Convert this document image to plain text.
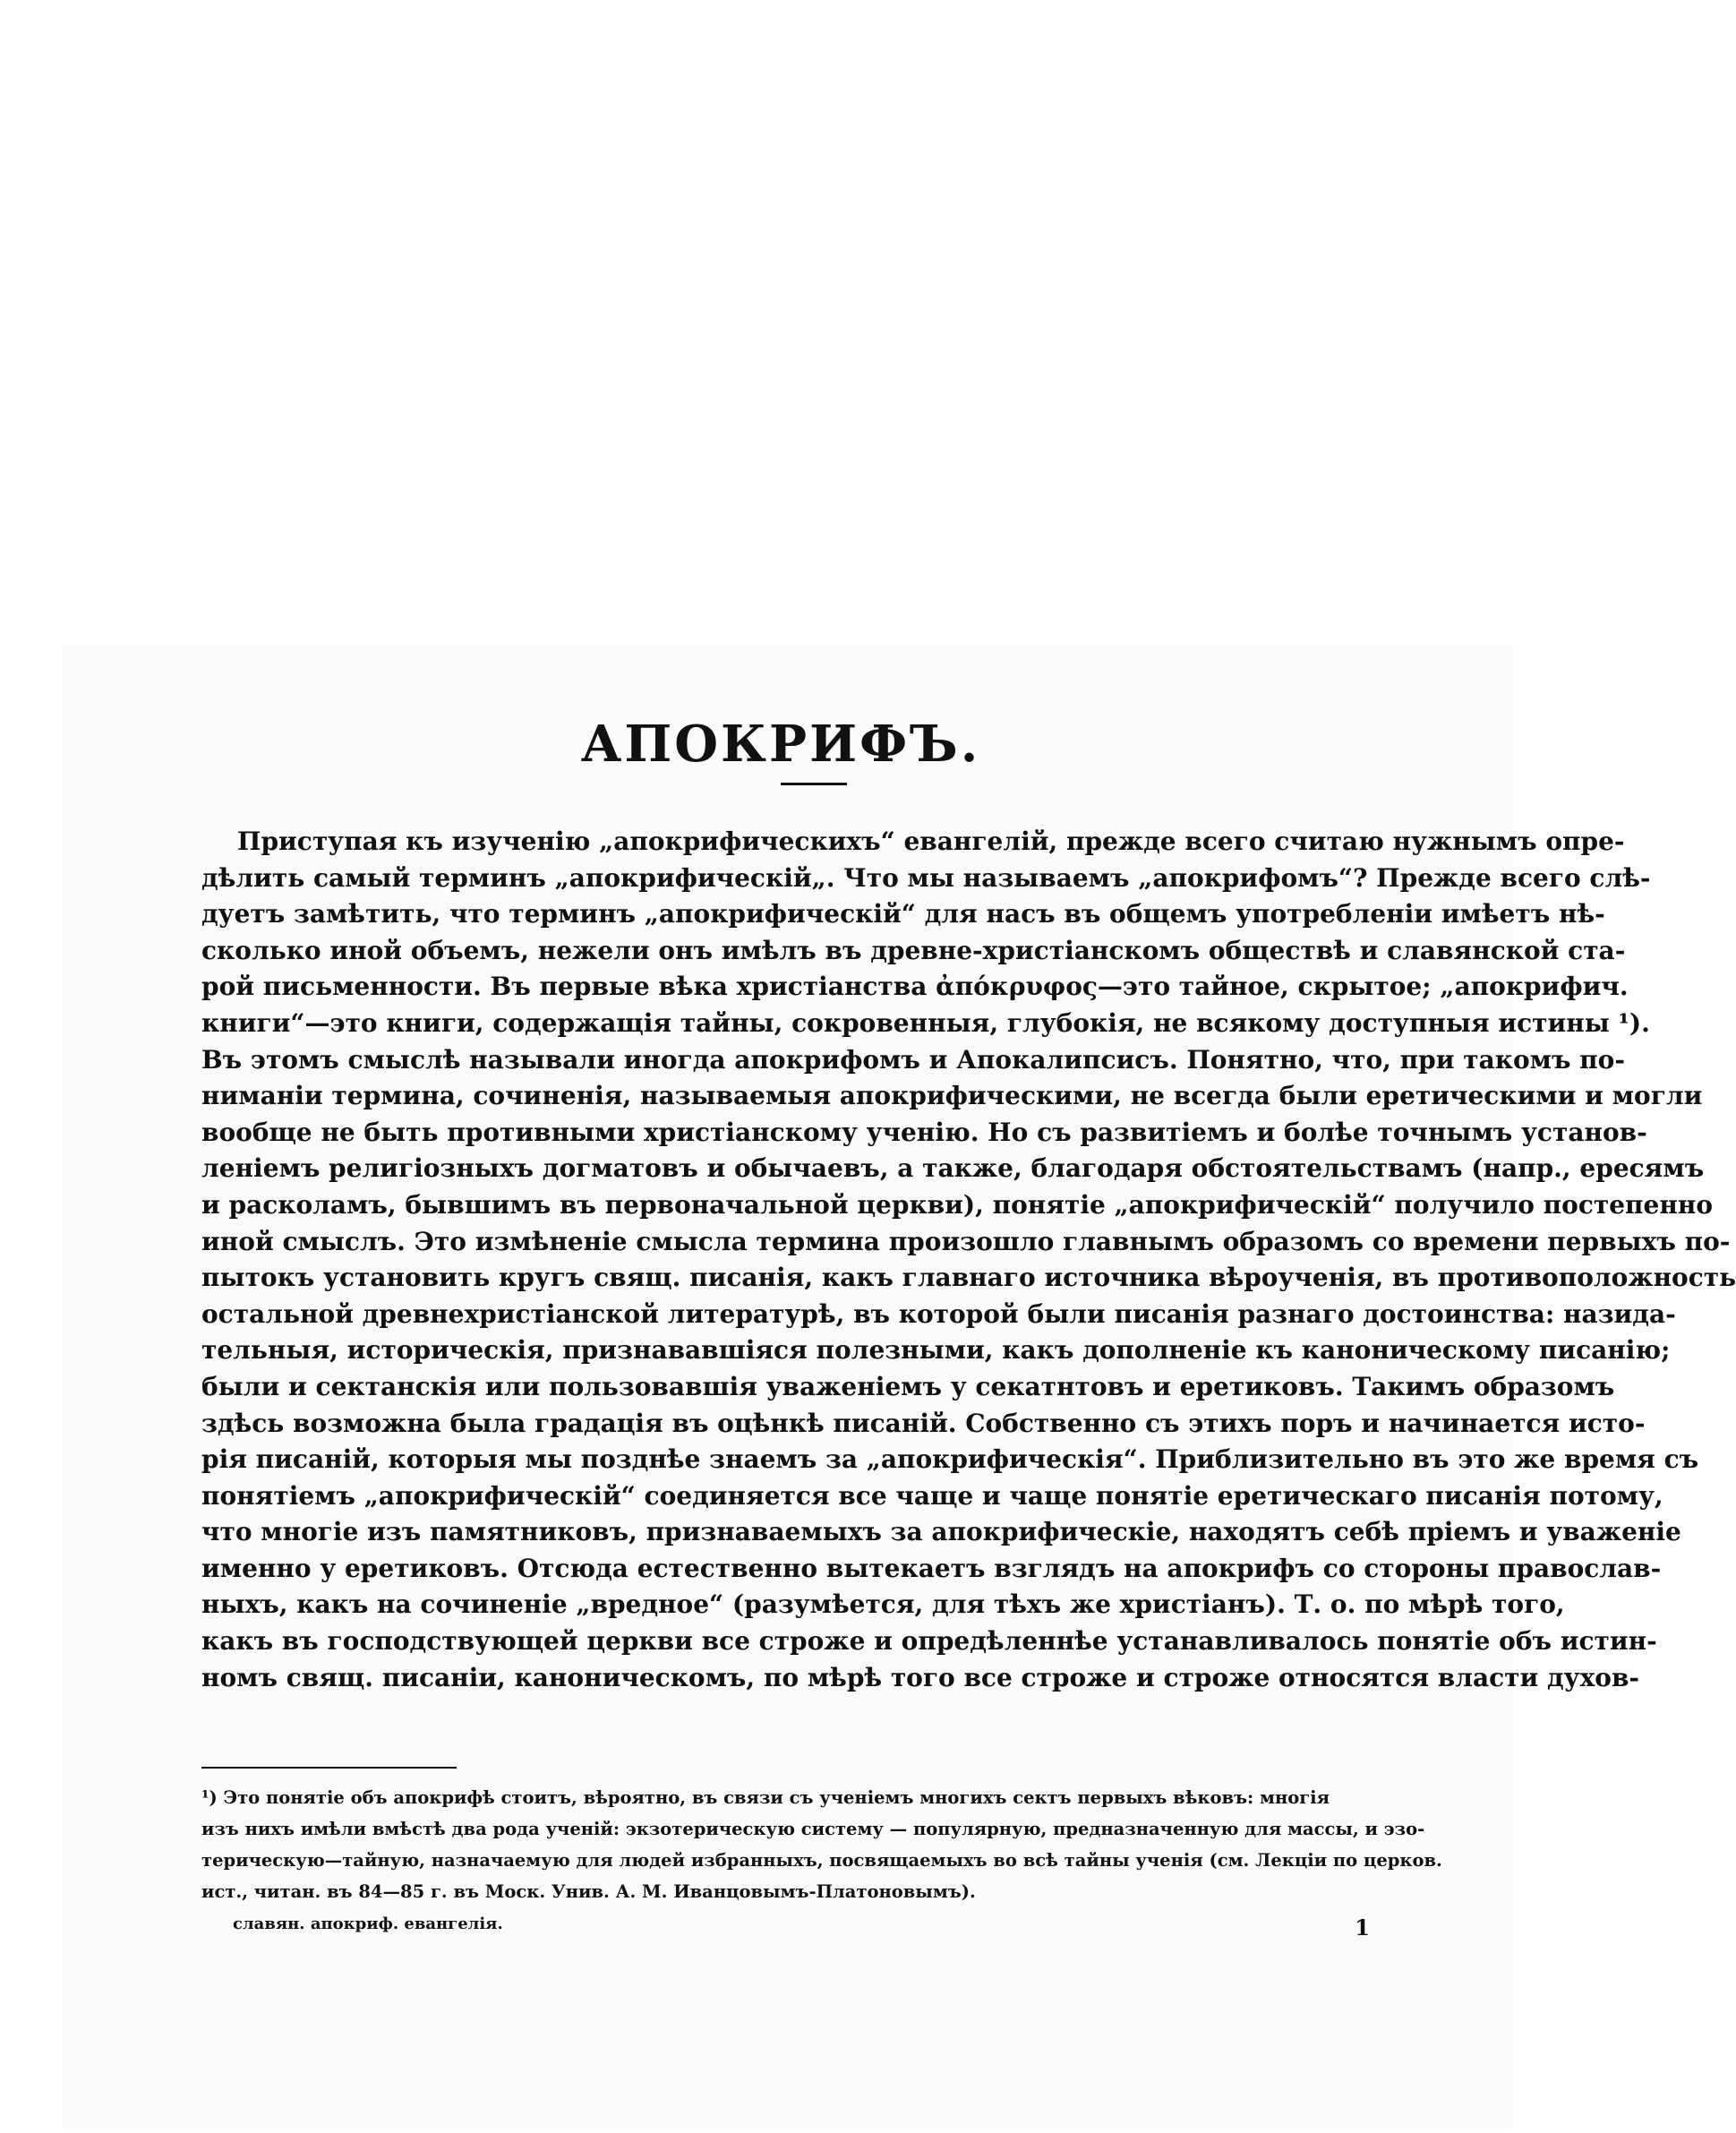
АПОКРИФЪ.
Приступая къ изученію „апокрифическихъ“ евангелій, прежде всего считаю нужнымъ опре-
дѣлить самый терминъ „апокрифическій„. Что мы называемъ „апокрифомъ“? Прежде всего слѣ-
дуетъ замѣтить, что терминъ „апокрифическій“ для насъ въ общемъ употребленіи имѣетъ нѣ-
сколько иной объемъ, нежели онъ имѣлъ въ древне-христіанскомъ обществѣ и славянской ста-
рой письменности. Въ первые вѣка христіанства ἀπόκρυφος—это тайное, скрытое; „апокрифич.
книги“—это книги, содержащія тайны, сокровенныя, глубокія, не всякому доступныя истины ¹).
Въ этомъ смыслѣ называли иногда апокрифомъ и Апокалипсисъ. Понятно, что, при такомъ по-
ниманіи термина, сочиненія, называемыя апокрифическими, не всегда были еретическими и могли
вообще не быть противными христіанскому ученію. Но съ развитіемъ и болѣе точнымъ установ-
леніемъ религіозныхъ догматовъ и обычаевъ, а также, благодаря обстоятельствамъ (напр., ересямъ
и расколамъ, бывшимъ въ первоначальной церкви), понятіе „апокрифическій“ получило постепенно
иной смыслъ. Это измѣненіе смысла термина произошло главнымъ образомъ со времени первыхъ по-
пытокъ установить кругъ свящ. писанія, какъ главнаго источника вѣроученія, въ противоположность
остальной древнехристіанской литературѣ, въ которой были писанія разнаго достоинства: назида-
тельныя, историческія, признававшіяся полезными, какъ дополненіе къ каноническому писанію;
были и сектанскія или пользовавшія уваженіемъ у секатнтовъ и еретиковъ. Такимъ образомъ
здѣсь возможна была градація въ оцѣнкѣ писаній. Собственно съ этихъ поръ и начинается исто-
рія писаній, которыя мы позднѣе знаемъ за „апокрифическія“. Приблизительно въ это же время съ
понятіемъ „апокрифическій“ соединяется все чаще и чаще понятіе еретическаго писанія потому,
что многіе изъ памятниковъ, признаваемыхъ за апокрифическіе, находятъ себѣ пріемъ и уваженіе
именно у еретиковъ. Отсюда естественно вытекаетъ взглядъ на апокрифъ со стороны православ-
ныхъ, какъ на сочиненіе „вредное“ (разумѣется, для тѣхъ же христіанъ). Т. о. по мѣрѣ того,
какъ въ господствующей церкви все строже и опредѣленнѣе устанавливалось понятіе объ истин-
номъ свящ. писаніи, каноническомъ, по мѣрѣ того все строже и строже относятся власти духов-
¹) Это понятіе объ апокрифѣ стоитъ, вѣроятно, въ связи съ ученіемъ многихъ сектъ первыхъ вѣковъ: многія
изъ нихъ имѣли вмѣстѣ два рода ученій: экзотерическую систему — популярную, предназначенную для массы, и эзо-
терическую—тайную, назначаемую для людей избранныхъ, посвящаемыхъ во всѣ тайны ученія (см. Лекціи по церков.
ист., читан. въ 84—85 г. въ Моск. Унив. А. М. Иванцовымъ-Платоновымъ).
славян. апокриф. евангелія.	1
